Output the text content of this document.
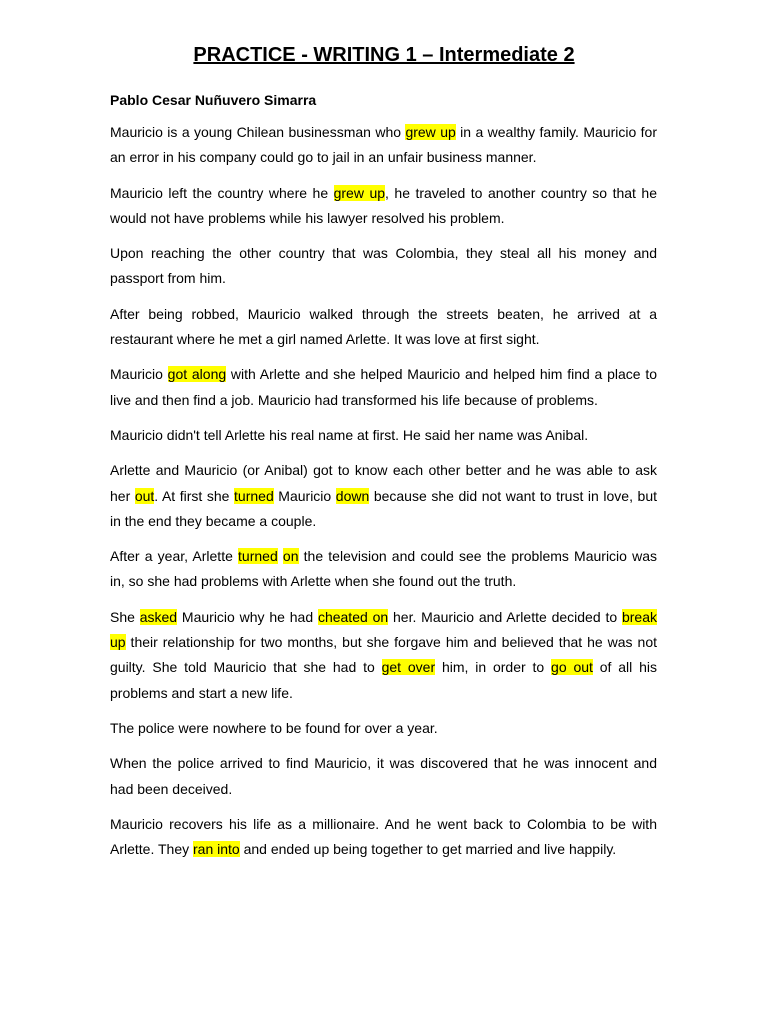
PRACTICE - WRITING 1 – Intermediate 2

Pablo Cesar Nuñuvero Simarra

Mauricio is a young Chilean businessman who grew up in a wealthy family. Mauricio for an error in his company could go to jail in an unfair business manner.

Mauricio left the country where he grew up, he traveled to another country so that he would not have problems while his lawyer resolved his problem.

Upon reaching the other country that was Colombia, they steal all his money and passport from him.

After being robbed, Mauricio walked through the streets beaten, he arrived at a restaurant where he met a girl named Arlette. It was love at first sight.

Mauricio got along with Arlette and she helped Mauricio and helped him find a place to live and then find a job. Mauricio had transformed his life because of problems.

Mauricio didn't tell Arlette his real name at first. He said her name was Anibal.

Arlette and Mauricio (or Anibal) got to know each other better and he was able to ask her out. At first she turned Mauricio down because she did not want to trust in love, but in the end they became a couple.

After a year, Arlette turned on the television and could see the problems Mauricio was in, so she had problems with Arlette when she found out the truth.

She asked Mauricio why he had cheated on her. Mauricio and Arlette decided to break up their relationship for two months, but she forgave him and believed that he was not guilty. She told Mauricio that she had to get over him, in order to go out of all his problems and start a new life.

The police were nowhere to be found for over a year.

When the police arrived to find Mauricio, it was discovered that he was innocent and had been deceived.

Mauricio recovers his life as a millionaire. And he went back to Colombia to be with Arlette. They ran into and ended up being together to get married and live happily.
